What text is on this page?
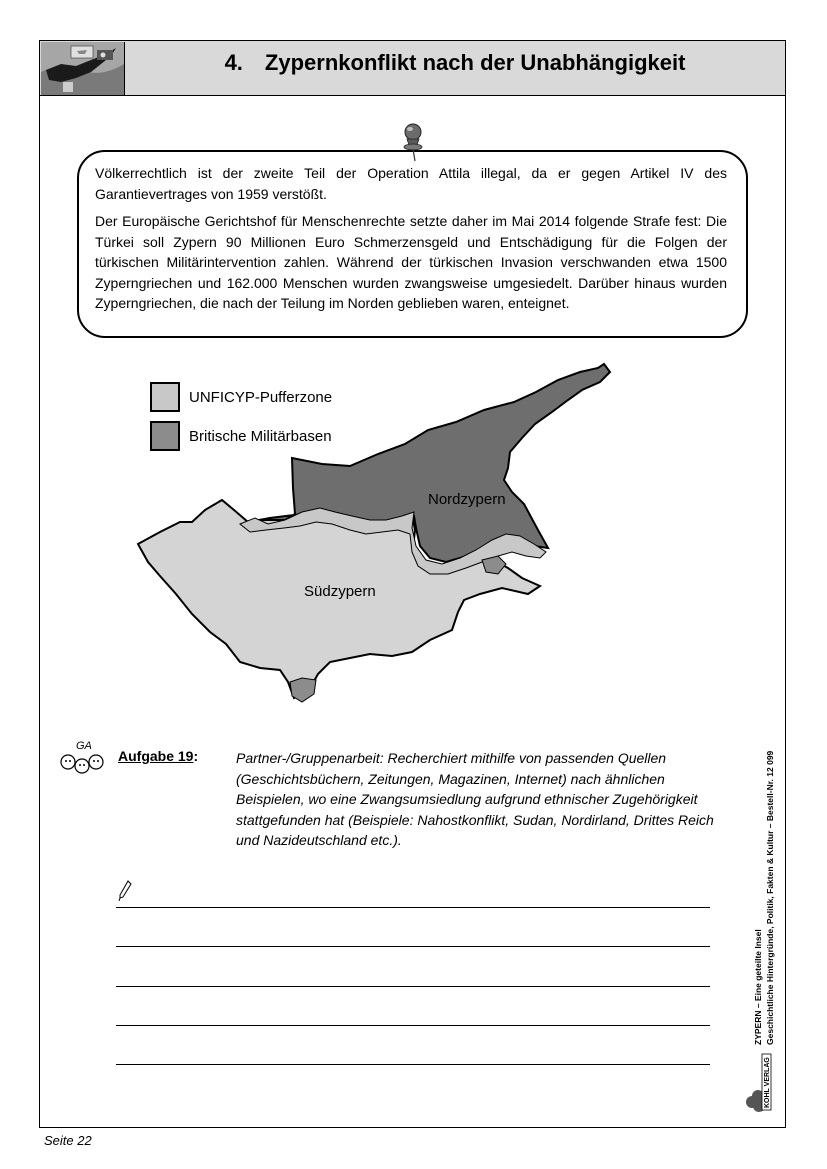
4. Zypernkonflikt nach der Unabhängigkeit

Völkerrechtlich ist der zweite Teil der Operation Attila illegal, da er gegen Artikel IV des Garantievertrages von 1959 verstößt.

Der Europäische Gerichtshof für Menschenrechte setzte daher im Mai 2014 folgende Strafe fest: Die Türkei soll Zypern 90 Millionen Euro Schmerzensgeld und Entschädigung für die Folgen der türkischen Militärintervention zahlen. Während der türkischen Invasion verschwanden etwa 1500 Zyperngriechen und 162.000 Menschen wurden zwangsweise umgesiedelt. Darüber hinaus wurden Zyperngriechen, die nach der Teilung im Norden geblieben waren, enteignet.

UNFICYP-Pufferzone
Britische Militärbasen
Nordzypern
Südzypern
GA
Aufgabe 19:	Partner-/Gruppenarbeit: Recherchiert mithilfe von passenden Quellen (Geschichtsbüchern, Zeitungen, Magazinen, Internet) nach ähnlichen Beispielen, wo eine Zwangsumsiedlung aufgrund ethnischer Zugehörigkeit stattgefunden hat (Beispiele: Nahostkonflikt, Sudan, Nordirland, Drittes Reich und Nazideutschland etc.).
ZYPERN – Eine geteilte Insel Geschichtliche Hintergründe, Politik, Fakten & Kultur – Bestell-Nr. 12 099
KOHL VERLAG
Seite 22
